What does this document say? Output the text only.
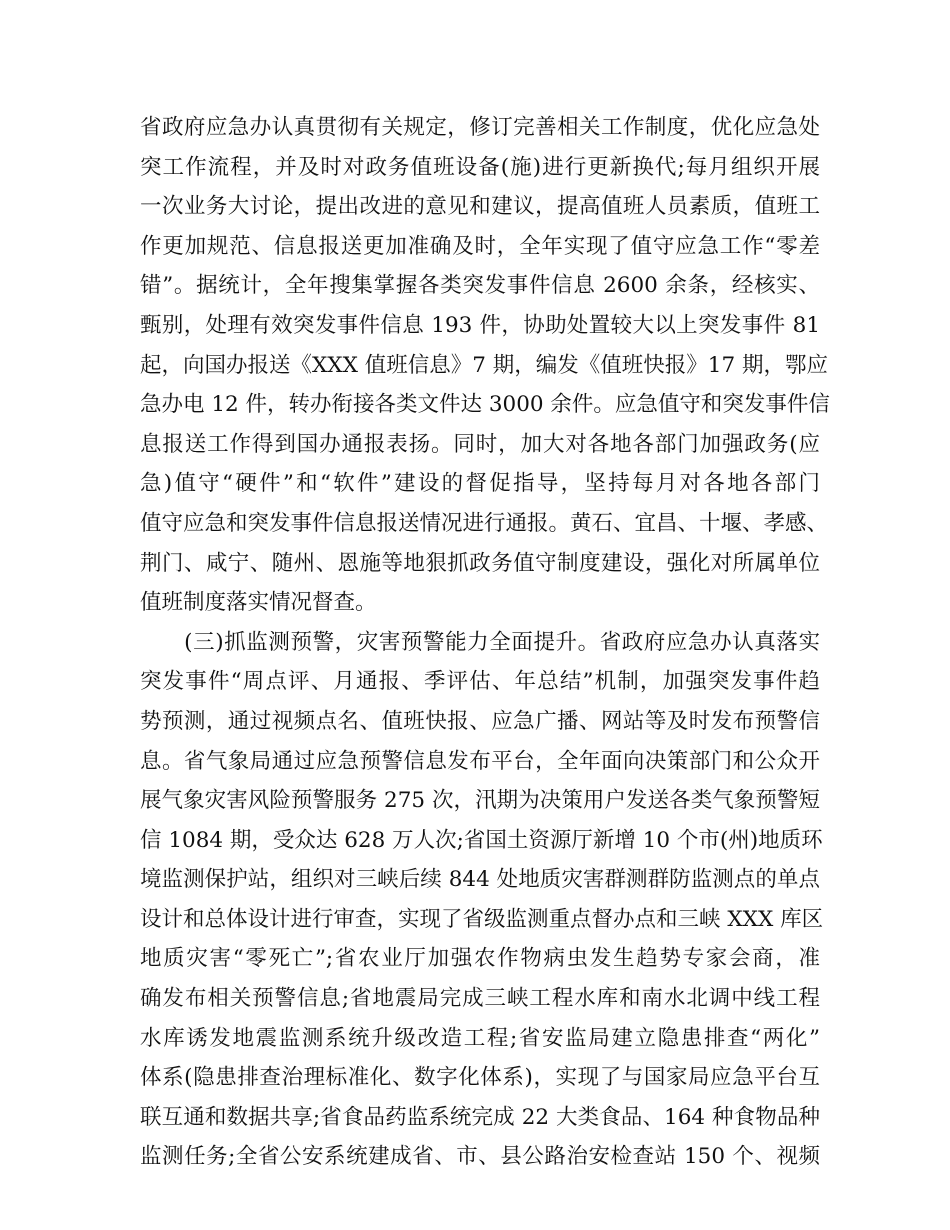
省政府应急办认真贯彻有关规定，修订完善相关工作制度，优化应急处
突工作流程，并及时对政务值班设备(施)进行更新换代;每月组织开展
一次业务大讨论，提出改进的意见和建议，提高值班人员素质，值班工
作更加规范、信息报送更加准确及时，全年实现了值守应急工作“零差
错”。据统计，全年搜集掌握各类突发事件信息 2600 余条，经核实、
甄别，处理有效突发事件信息 193 件，协助处置较大以上突发事件 81
起，向国办报送《XXX 值班信息》7 期，编发《值班快报》17 期，鄂应
急办电 12 件，转办衔接各类文件达 3000 余件。应急值守和突发事件信
息报送工作得到国办通报表扬。同时，加大对各地各部门加强政务(应
急)值守“硬件”和“软件”建设的督促指导，坚持每月对各地各部门
值守应急和突发事件信息报送情况进行通报。黄石、宜昌、十堰、孝感、
荆门、咸宁、随州、恩施等地狠抓政务值守制度建设，强化对所属单位
值班制度落实情况督查。
　　(三)抓监测预警，灾害预警能力全面提升。省政府应急办认真落实
突发事件“周点评、月通报、季评估、年总结”机制，加强突发事件趋
势预测，通过视频点名、值班快报、应急广播、网站等及时发布预警信
息。省气象局通过应急预警信息发布平台，全年面向决策部门和公众开
展气象灾害风险预警服务 275 次，汛期为决策用户发送各类气象预警短
信 1084 期，受众达 628 万人次;省国土资源厅新增 10 个市(州)地质环
境监测保护站，组织对三峡后续 844 处地质灾害群测群防监测点的单点
设计和总体设计进行审查，实现了省级监测重点督办点和三峡 XXX 库区
地质灾害“零死亡”;省农业厅加强农作物病虫发生趋势专家会商，准
确发布相关预警信息;省地震局完成三峡工程水库和南水北调中线工程
水库诱发地震监测系统升级改造工程;省安监局建立隐患排查“两化”
体系(隐患排查治理标准化、数字化体系)，实现了与国家局应急平台互
联互通和数据共享;省食品药监系统完成 22 大类食品、164 种食物品种
监测任务;全省公安系统建成省、市、县公路治安检查站 150 个、视频
